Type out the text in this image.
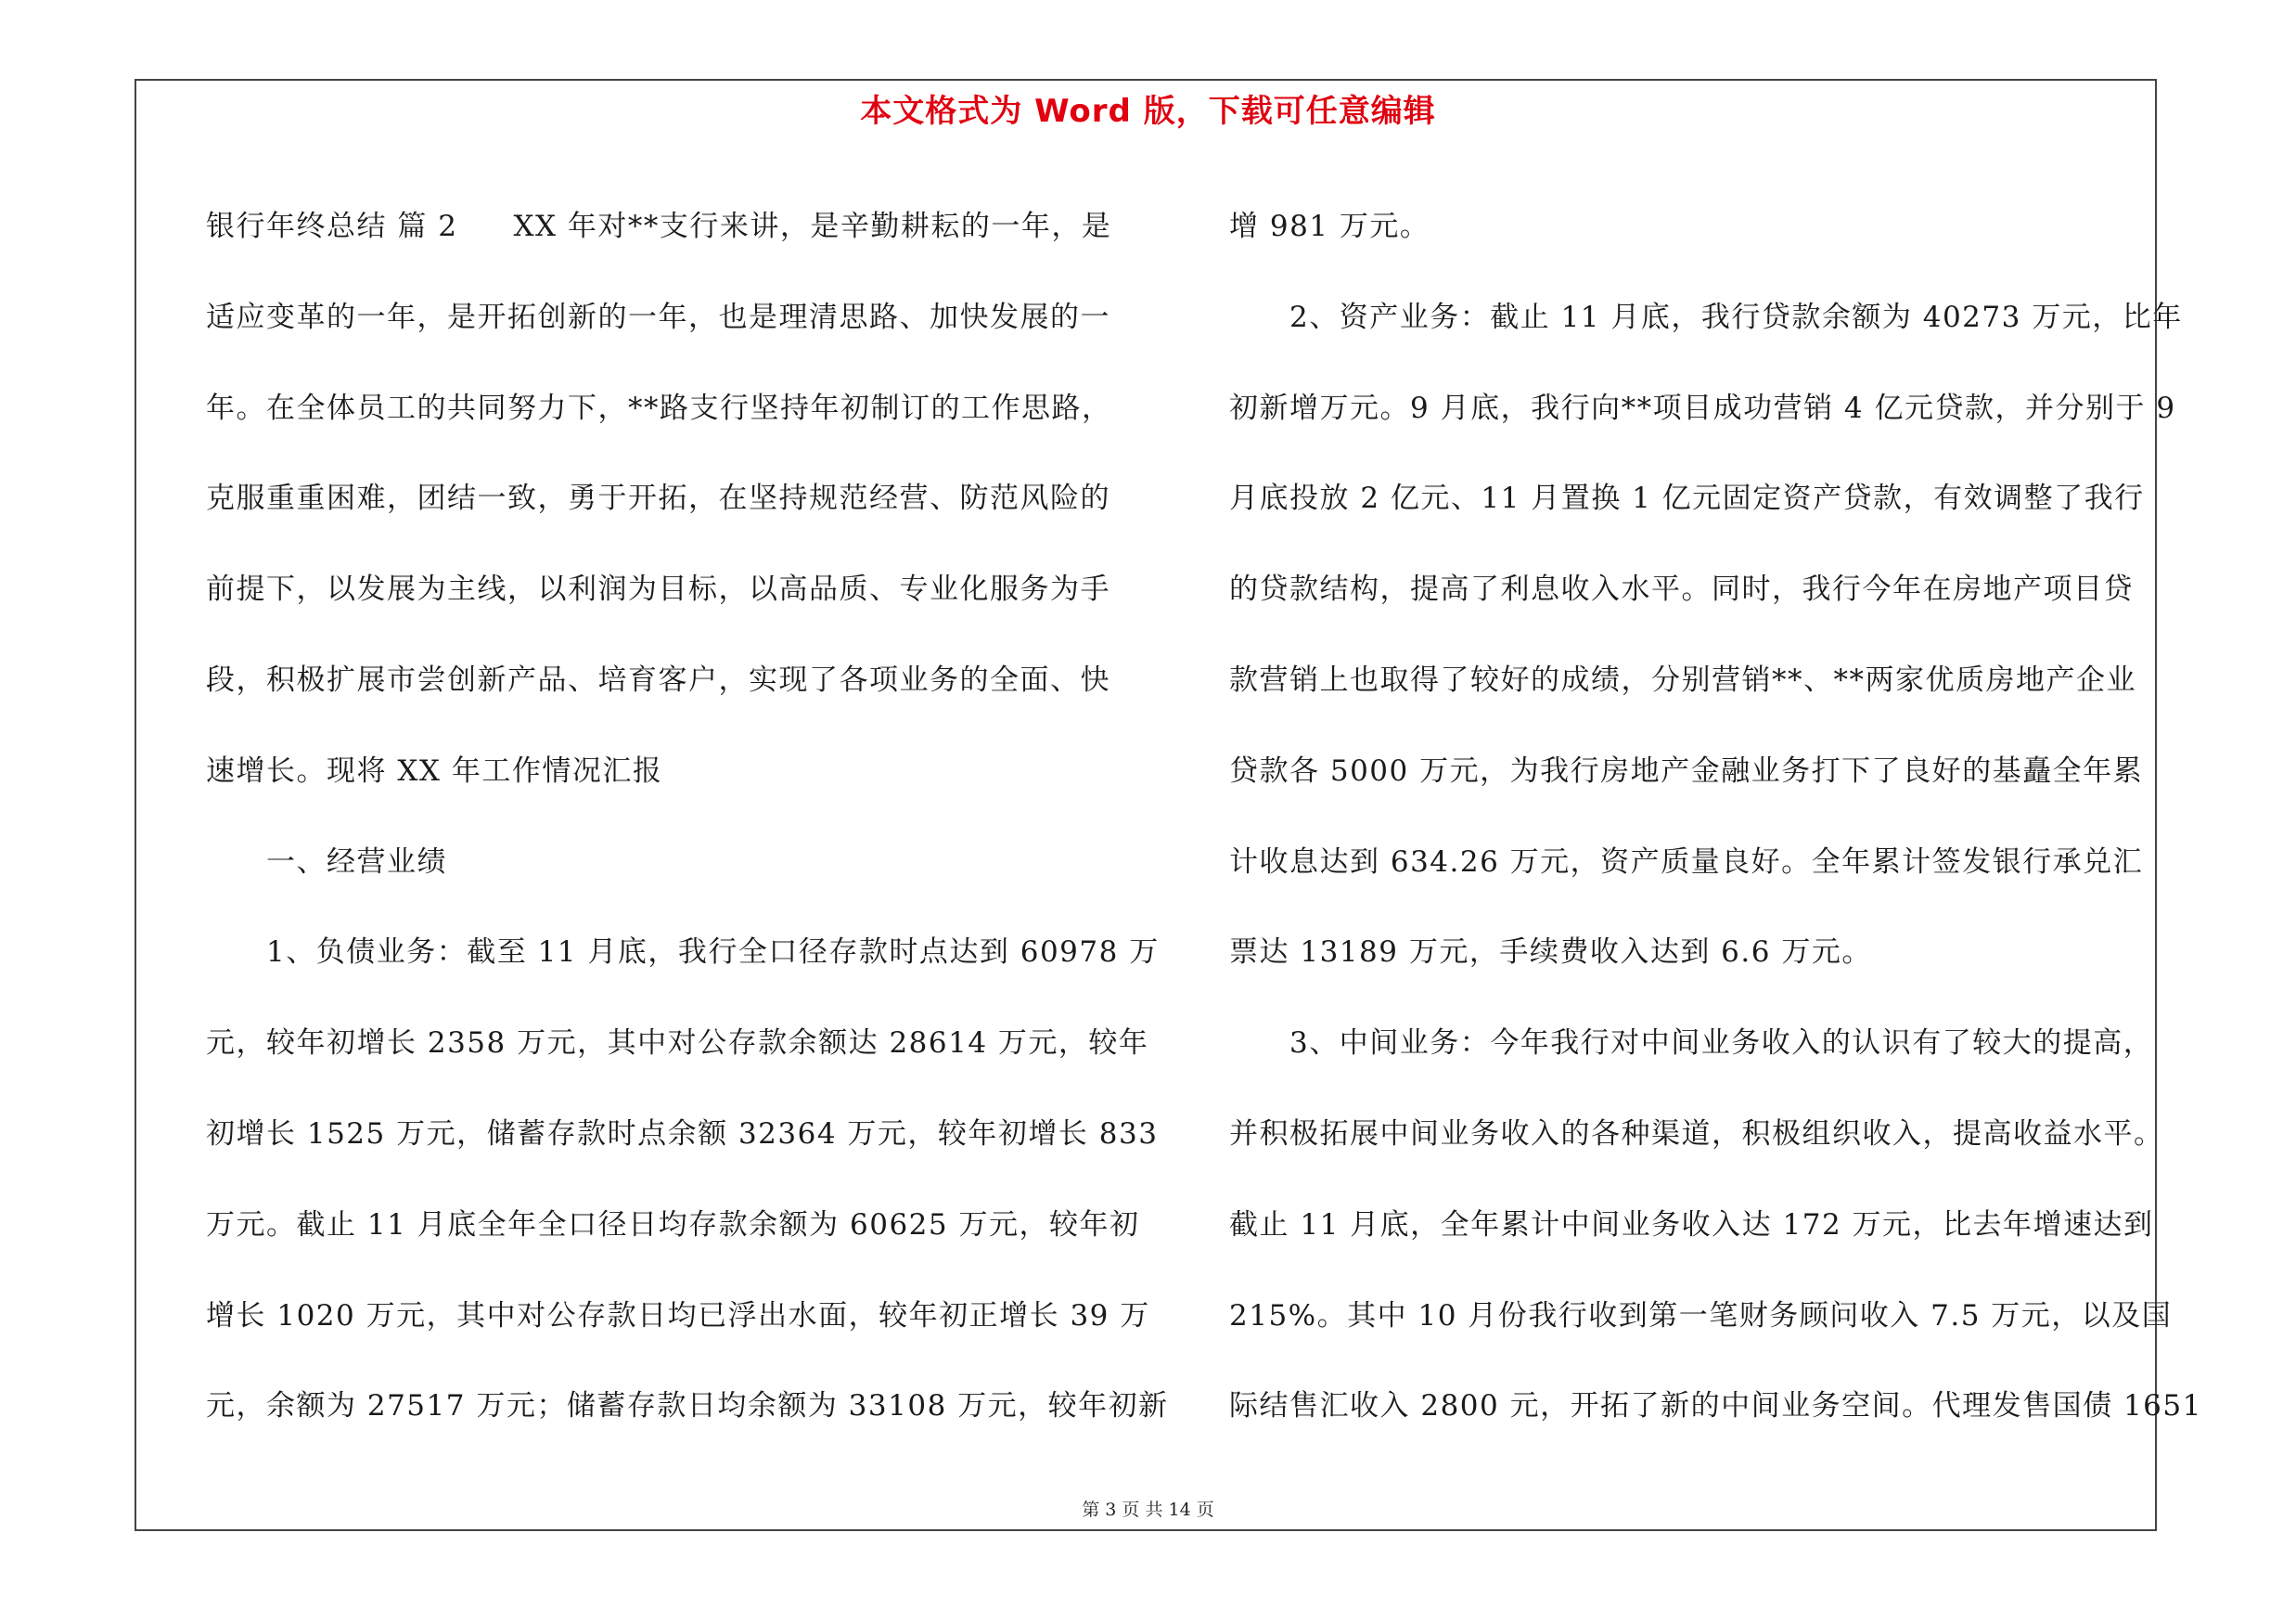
本文格式为 Word 版，下载可任意编辑
银行年终总结 篇 2 XX 年对**支行来讲，是辛勤耕耘的一年，是
适应变革的一年，是开拓创新的一年，也是理清思路、加快发展的一
年。在全体员工的共同努力下，**路支行坚持年初制订的工作思路，
克服重重困难，团结一致，勇于开拓，在坚持规范经营、防范风险的
前提下，以发展为主线，以利润为目标，以高品质、专业化服务为手
段，积极扩展市尝创新产品、培育客户，实现了各项业务的全面、快
速增长。现将 XX 年工作情况汇报
　　一、经营业绩
　　1、负债业务：截至 11 月底，我行全口径存款时点达到 60978 万
元，较年初增长 2358 万元，其中对公存款余额达 28614 万元，较年
初增长 1525 万元，储蓄存款时点余额 32364 万元，较年初增长 833
万元。截止 11 月底全年全口径日均存款余额为 60625 万元，较年初
增长 1020 万元，其中对公存款日均已浮出水面，较年初正增长 39 万
元，余额为 27517 万元；储蓄存款日均余额为 33108 万元，较年初新
增 981 万元。
　　2、资产业务：截止 11 月底，我行贷款余额为 40273 万元，比年
初新增万元。9 月底，我行向**项目成功营销 4 亿元贷款，并分别于 9
月底投放 2 亿元、11 月置换 1 亿元固定资产贷款，有效调整了我行
的贷款结构，提高了利息收入水平。同时，我行今年在房地产项目贷
款营销上也取得了较好的成绩，分别营销**、**两家优质房地产企业
贷款各 5000 万元，为我行房地产金融业务打下了良好的基矗全年累
计收息达到 634.26 万元，资产质量良好。全年累计签发银行承兑汇
票达 13189 万元，手续费收入达到 6.6 万元。
　　3、中间业务：今年我行对中间业务收入的认识有了较大的提高，
并积极拓展中间业务收入的各种渠道，积极组织收入，提高收益水平。
截止 11 月底，全年累计中间业务收入达 172 万元，比去年增速达到
215%。其中 10 月份我行收到第一笔财务顾问收入 7.5 万元，以及国
际结售汇收入 2800 元，开拓了新的中间业务空间。代理发售国债 1651
第 3 页 共 14 页
